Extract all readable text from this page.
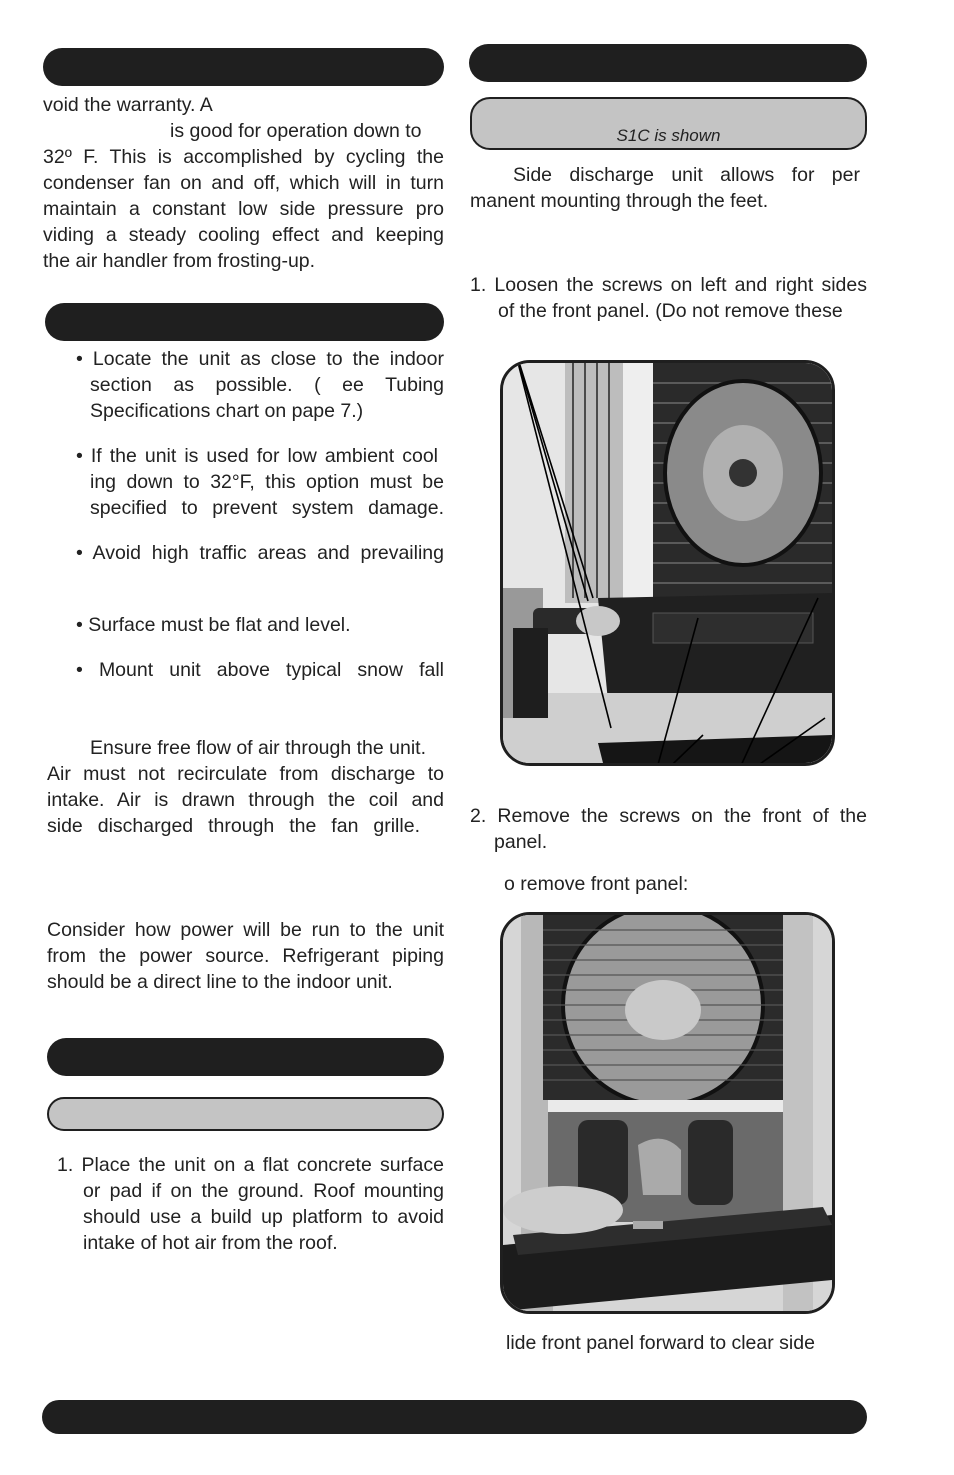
S1C is shown

void the warranty. A

is good for operation down to

32º F. This is accomplished by cycling the

condenser fan on and off, which will in turn

maintain a constant low side pressure pro

viding a steady cooling effect and keeping

the air handler from frosting-up.

• Locate the unit as close to the indoor

section as possible. ( ee Tubing

Specifications chart on pape 7.)

• If the unit is used for low ambient cool

ing down to 32°F, this option must be

specified to prevent system damage.

• Avoid high traffic areas and prevailing

• Surface must be flat and level.

• Mount unit above typical snow fall

Ensure free flow of air through the unit.

Air must not recirculate from discharge to

intake. Air is drawn through the coil and

side discharged through the fan grille.

Consider how power will be run to the unit

from the power source. Refrigerant piping

should be a direct line to the indoor unit.

1. Place the unit on a flat concrete surface

or pad if on the ground. Roof mounting

should use a build up platform to avoid

intake of hot air from the roof.

Side discharge unit allows for per

manent mounting through the feet.

1. Loosen the screws on left and right sides

of the front panel. (Do not remove these

2. Remove the screws on the front of the

panel.

o remove front panel:

lide front panel forward to clear side
